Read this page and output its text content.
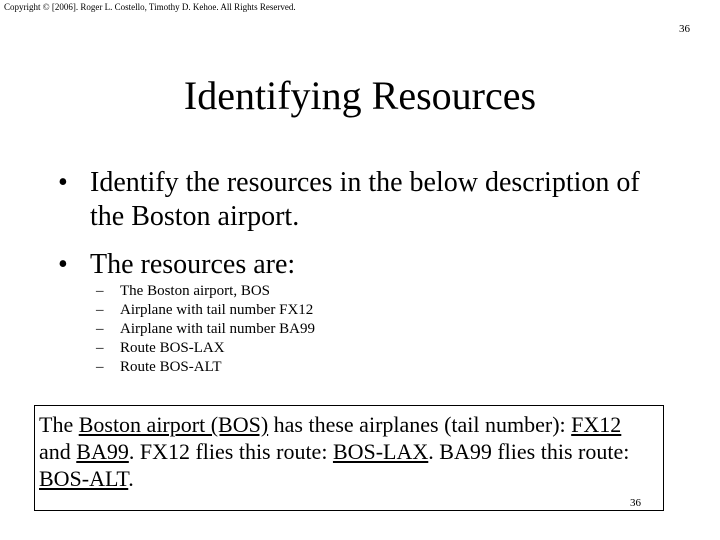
Copyright © [2006]. Roger L. Costello, Timothy D. Kehoe. All Rights Reserved.
36
Identifying Resources
• Identify the resources in the below description of the Boston airport.
• The resources are:
– The Boston airport, BOS
– Airplane with tail number FX12
– Airplane with tail number BA99
– Route BOS-LAX
– Route BOS-ALT
The Boston airport (BOS) has these airplanes (tail number): FX12 and BA99. FX12 flies this route: BOS-LAX. BA99 flies this route: BOS-ALT.
36
